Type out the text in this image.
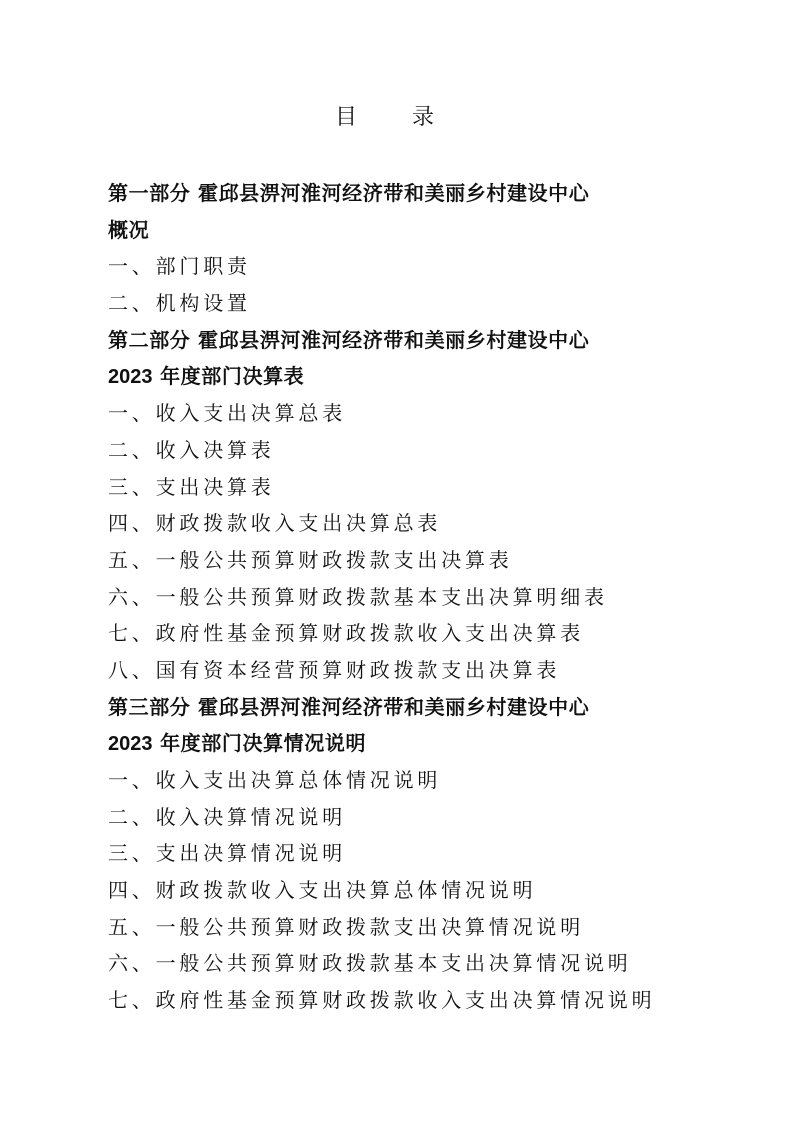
目 录
第一部分 霍邱县淠河淮河经济带和美丽乡村建设中心
概况
一、部门职责
二、机构设置
第二部分 霍邱县淠河淮河经济带和美丽乡村建设中心
2023 年度部门决算表
一、收入支出决算总表
二、收入决算表
三、支出决算表
四、财政拨款收入支出决算总表
五、一般公共预算财政拨款支出决算表
六、一般公共预算财政拨款基本支出决算明细表
七、政府性基金预算财政拨款收入支出决算表
八、国有资本经营预算财政拨款支出决算表
第三部分 霍邱县淠河淮河经济带和美丽乡村建设中心
2023 年度部门决算情况说明
一、收入支出决算总体情况说明
二、收入决算情况说明
三、支出决算情况说明
四、财政拨款收入支出决算总体情况说明
五、一般公共预算财政拨款支出决算情况说明
六、一般公共预算财政拨款基本支出决算情况说明
七、政府性基金预算财政拨款收入支出决算情况说明
